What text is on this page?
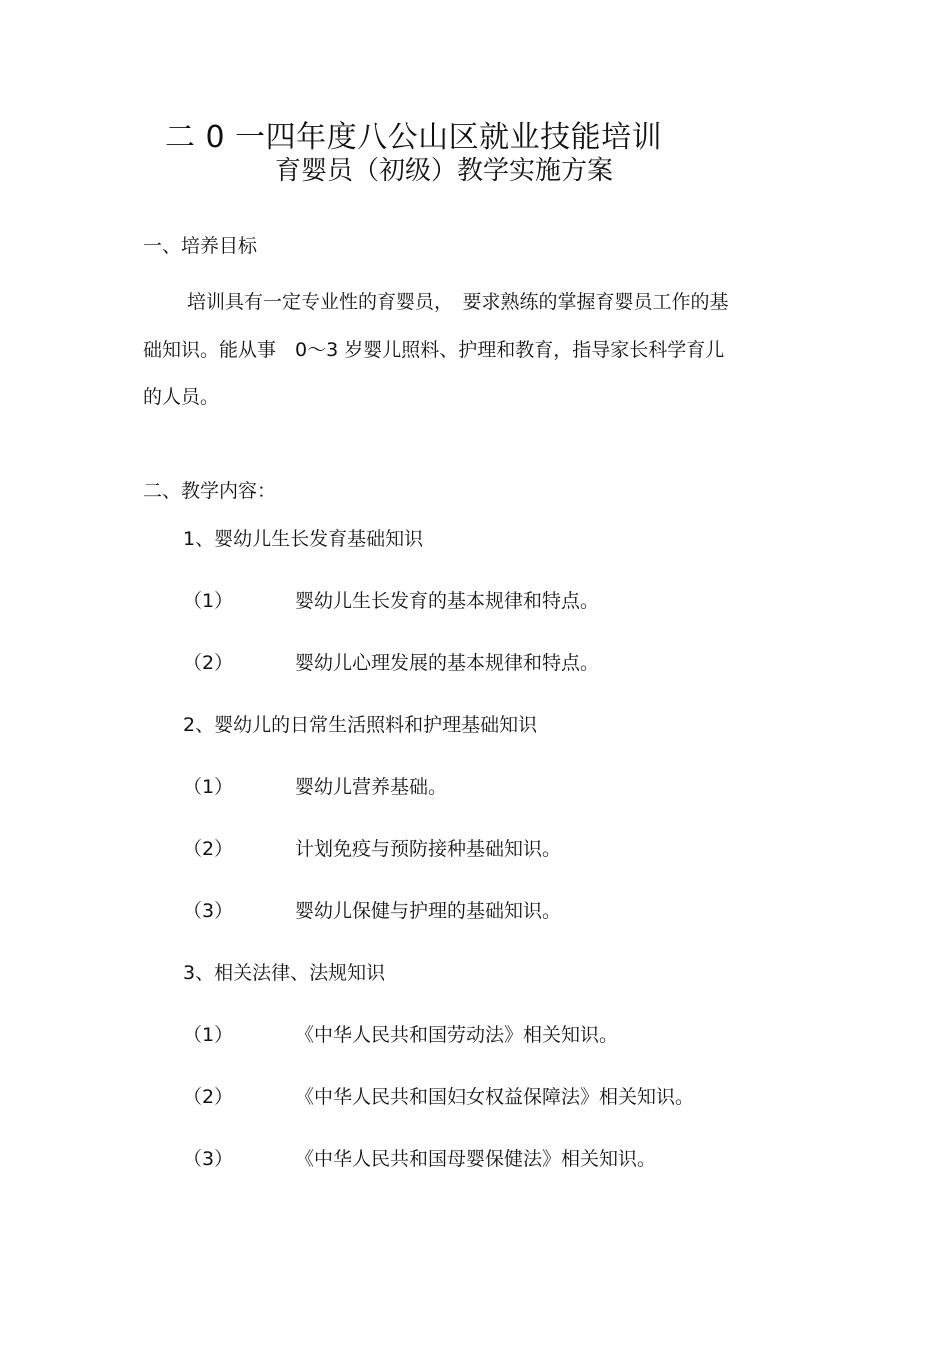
二 0 一四年度八公山区就业技能培训
育婴员（初级）教学实施方案
一、培养目标
培训具有一定专业性的育婴员，　要求熟练的掌握育婴员工作的基
础知识。能从事　0～3 岁婴儿照料、护理和教育，指导家长科学育儿
的人员。
二、教学内容：
1、婴幼儿生长发育基础知识
（1）	婴幼儿生长发育的基本规律和特点。
（2）	婴幼儿心理发展的基本规律和特点。
2、婴幼儿的日常生活照料和护理基础知识
（1）	婴幼儿营养基础。
（2）	计划免疫与预防接种基础知识。
（3）	婴幼儿保健与护理的基础知识。
3、相关法律、法规知识
（1）	《中华人民共和国劳动法》相关知识。
（2）	《中华人民共和国妇女权益保障法》相关知识。
（3）	《中华人民共和国母婴保健法》相关知识。
